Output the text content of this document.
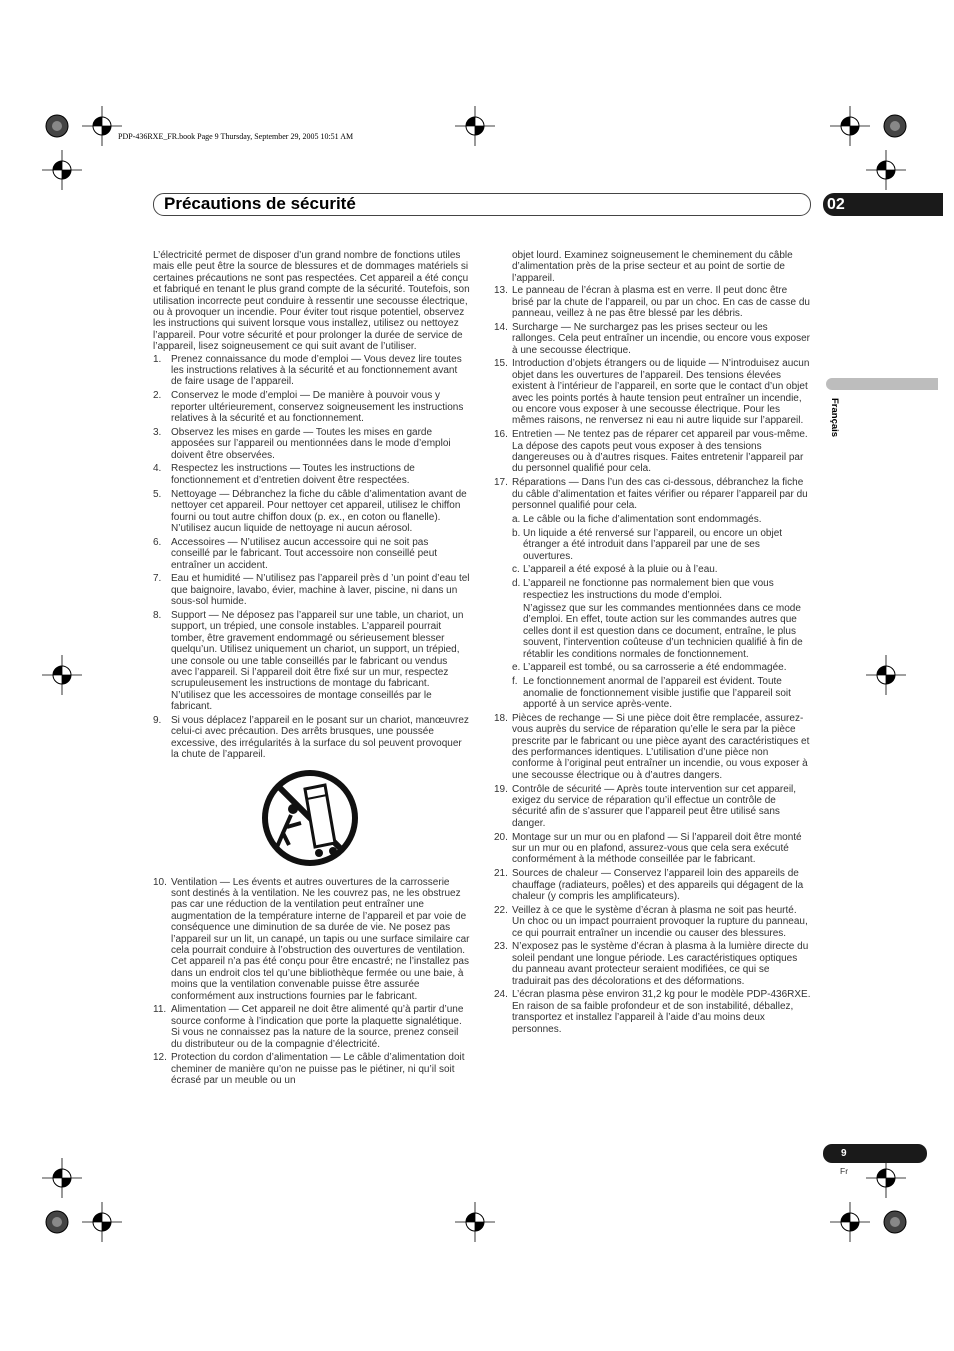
PDP-436RXE_FR.book Page 9 Thursday, September 29, 2005 10:51 AM
Précautions de sécurité	02
Français
9
Fr

L’électricité permet de disposer d’un grand nombre de fonctions utiles mais elle peut être la source de blessures et de dommages matériels si certaines précautions ne sont pas respectées. Cet appareil a été conçu et fabriqué en tenant le plus grand compte de la sécurité. Toutefois, son utilisation incorrecte peut conduire à ressentir une secousse électrique, ou à provoquer un incendie. Pour éviter tout risque potentiel, observez les instructions qui suivent lorsque vous installez, utilisez ou nettoyez l’appareil. Pour votre sécurité et pour prolonger la durée de service de l’appareil, lisez soigneusement ce qui suit avant de l’utiliser.

1. Prenez connaissance du mode d’emploi — Vous devez lire toutes les instructions relatives à la sécurité et au fonctionnement avant de faire usage de l’appareil.
2. Conservez le mode d’emploi — De manière à pouvoir vous y reporter ultérieurement, conservez soigneusement les instructions relatives à la sécurité et au fonctionnement.
3. Observez les mises en garde — Toutes les mises en garde apposées sur l’appareil ou mentionnées dans le mode d’emploi doivent être observées.
4. Respectez les instructions — Toutes les instructions de fonctionnement et d’entretien doivent être respectées.
5. Nettoyage — Débranchez la fiche du câble d’alimentation avant de nettoyer cet appareil. Pour nettoyer cet appareil, utilisez le chiffon fourni ou tout autre chiffon doux (p. ex., en coton ou flanelle). N’utilisez aucun liquide de nettoyage ni aucun aérosol.
6. Accessoires — N’utilisez aucun accessoire qui ne soit pas conseillé par le fabricant. Tout accessoire non conseillé peut entraîner un accident.
7. Eau et humidité — N’utilisez pas l’appareil près d ’un point d’eau tel que baignoire, lavabo, évier, machine à laver, piscine, ni dans un sous-sol humide.
8. Support — Ne déposez pas l’appareil sur une table, un chariot, un support, un trépied, une console instables. L’appareil pourrait tomber, être gravement endommagé ou sérieusement blesser quelqu’un. Utilisez uniquement un chariot, un support, un trépied, une console ou une table conseillés par le fabricant ou vendus avec l’appareil. Si l’appareil doit être fixé sur un mur, respectez scrupuleusement les instructions de montage du fabricant. N’utilisez que les accessoires de montage conseillés par le fabricant.
9. Si vous déplacez l’appareil en le posant sur un chariot, manœuvrez celui-ci avec précaution. Des arrêts brusques, une poussée excessive, des irrégularités à la surface du sol peuvent provoquer la chute de l’appareil.
10. Ventilation — Les évents et autres ouvertures de la carrosserie sont destinés à la ventilation. Ne les couvrez pas, ne les obstruez pas car une réduction de la ventilation peut entraîner une augmentation de la température interne de l’appareil et par voie de conséquence une diminution de sa durée de vie. Ne posez pas l’appareil sur un lit, un canapé, un tapis ou une surface similaire car cela pourrait conduire à l’obstruction des ouvertures de ventilation. Cet appareil n’a pas été conçu pour être encastré; ne l’installez pas dans un endroit clos tel qu’une bibliothèque fermée ou une baie, à moins que la ventilation convenable puisse être assurée conformément aux instructions fournies par le fabricant.
11. Alimentation — Cet appareil ne doit être alimenté qu’à partir d’une source conforme à l’indication que porte la plaquette signalétique. Si vous ne connaissez pas la nature de la source, prenez conseil du distributeur ou de la compagnie d’électricité.
12. Protection du cordon d’alimentation — Le câble d’alimentation doit cheminer de manière qu’on ne puisse pas le piétiner, ni qu’il soit écrasé par un meuble ou un

objet lourd. Examinez soigneusement le cheminement du câble d’alimentation près de la prise secteur et au point de sortie de l’appareil.

13. Le panneau de l’écran à plasma est en verre. Il peut donc être brisé par la chute de l’appareil, ou par un choc. En cas de casse du panneau, veillez à ne pas être blessé par les débris.
14. Surcharge — Ne surchargez pas les prises secteur ou les rallonges. Cela peut entraîner un incendie, ou encore vous exposer à une secousse électrique.
15. Introduction d’objets étrangers ou de liquide — N’introduisez aucun objet dans les ouvertures de l’appareil. Des tensions élevées existent à l’intérieur de l’appareil, en sorte que le contact d’un objet avec les points portés à haute tension peut entraîner un incendie, ou encore vous exposer à une secousse électrique. Pour les mêmes raisons, ne renversez ni eau ni autre liquide sur l’appareil.
16. Entretien — Ne tentez pas de réparer cet appareil par vous-même. La dépose des capots peut vous exposer à des tensions dangereuses ou à d’autres risques. Faites entretenir l’appareil par du personnel qualifié pour cela.
17. Réparations — Dans l’un des cas ci-dessous, débranchez la fiche du câble d’alimentation et faites vérifier ou réparer l’appareil par du personnel qualifié pour cela.
a. Le câble ou la fiche d’alimentation sont endommagés.
b. Un liquide a été renversé sur l’appareil, ou encore un objet étranger a été introduit dans l’appareil par une de ses ouvertures.
c. L’appareil a été exposé à la pluie ou à l’eau.
d. L’appareil ne fonctionne pas normalement bien que vous respectiez les instructions du mode d’emploi.
N’agissez que sur les commandes mentionnées dans ce mode d’emploi. En effet, toute action sur les commandes autres que celles dont il est question dans ce document, entraîne, le plus souvent, l’intervention coûteuse d’un technicien qualifié à fin de rétablir les conditions normales de fonctionnement.
e. L’appareil est tombé, ou sa carrosserie a été endommagée.
f. Le fonctionnement anormal de l’appareil est évident. Toute anomalie de fonctionnement visible justifie que l’appareil soit apporté à un service après-vente.
18. Pièces de rechange — Si une pièce doit être remplacée, assurez-vous auprès du service de réparation qu’elle le sera par la pièce prescrite par le fabricant ou une pièce ayant des caractéristiques et des performances identiques. L’utilisation d’une pièce non conforme à l’original peut entraîner un incendie, ou vous exposer à une secousse électrique ou à d’autres dangers.
19. Contrôle de sécurité — Après toute intervention sur cet appareil, exigez du service de réparation qu’il effectue un contrôle de sécurité afin de s’assurer que l’appareil peut être utilisé sans danger.
20. Montage sur un mur ou en plafond — Si l’appareil doit être monté sur un mur ou en plafond, assurez-vous que cela sera exécuté conformément à la méthode conseillée par le fabricant.
21. Sources de chaleur — Conservez l’appareil loin des appareils de chauffage (radiateurs, poêles) et des appareils qui dégagent de la chaleur (y compris les amplificateurs).
22. Veillez à ce que le système d’écran à plasma ne soit pas heurté. Un choc ou un impact pourraient provoquer la rupture du panneau, ce qui pourrait entraîner un incendie ou causer des blessures.
23. N’exposez pas le système d’écran à plasma à la lumière directe du soleil pendant une longue période. Les caractéristiques optiques du panneau avant protecteur seraient modifiées, ce qui se traduirait pas des décolorations et des déformations.
24. L’écran plasma pèse environ 31,2 kg pour le modèle PDP-436RXE. En raison de sa faible profondeur et de son instabilité, déballez, transportez et installez l’appareil à l’aide d’au moins deux personnes.
